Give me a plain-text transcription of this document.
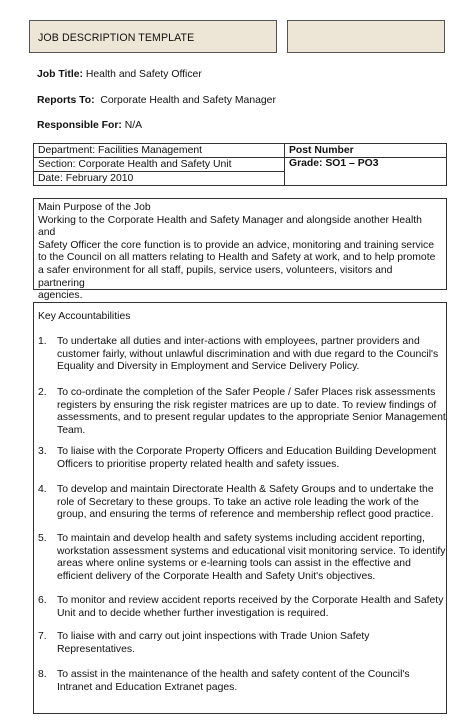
JOB DESCRIPTION TEMPLATE
Job Title: Health and Safety Officer
Reports To: Corporate Health and Safety Manager
Responsible For: N/A
Department: Facilities Management	Post Number
Section: Corporate Health and Safety Unit	Grade: SO1 – PO3
Date: February 2010	
Main Purpose of the Job
Working to the Corporate Health and Safety Manager and alongside another Health and
Safety Officer the core function is to provide an advice, monitoring and training service
to the Council on all matters relating to Health and Safety at work, and to help promote
a safer environment for all staff, pupils, service users, volunteers, visitors and partnering
agencies.
Key Accountabilities
1. To undertake all duties and inter-actions with employees, partner providers and
customer fairly, without unlawful discrimination and with due regard to the Council's
Equality and Diversity in Employment and Service Delivery Policy.
2. To co-ordinate the completion of the Safer People / Safer Places risk assessments
registers by ensuring the risk register matrices are up to date. To review findings of
assessments, and to present regular updates to the appropriate Senior Management
Team.
3. To liaise with the Corporate Property Officers and Education Building Development
Officers to prioritise property related health and safety issues.
4. To develop and maintain Directorate Health & Safety Groups and to undertake the
role of Secretary to these groups. To take an active role leading the work of the
group, and ensuring the terms of reference and membership reflect good practice.
5. To maintain and develop health and safety systems including accident reporting,
workstation assessment systems and educational visit monitoring service. To identify
areas where online systems or e-learning tools can assist in the effective and
efficient delivery of the Corporate Health and Safety Unit's objectives.
6. To monitor and review accident reports received by the Corporate Health and Safety
Unit and to decide whether further investigation is required.
7. To liaise with and carry out joint inspections with Trade Union Safety
Representatives.
8. To assist in the maintenance of the health and safety content of the Council's
Intranet and Education Extranet pages.
